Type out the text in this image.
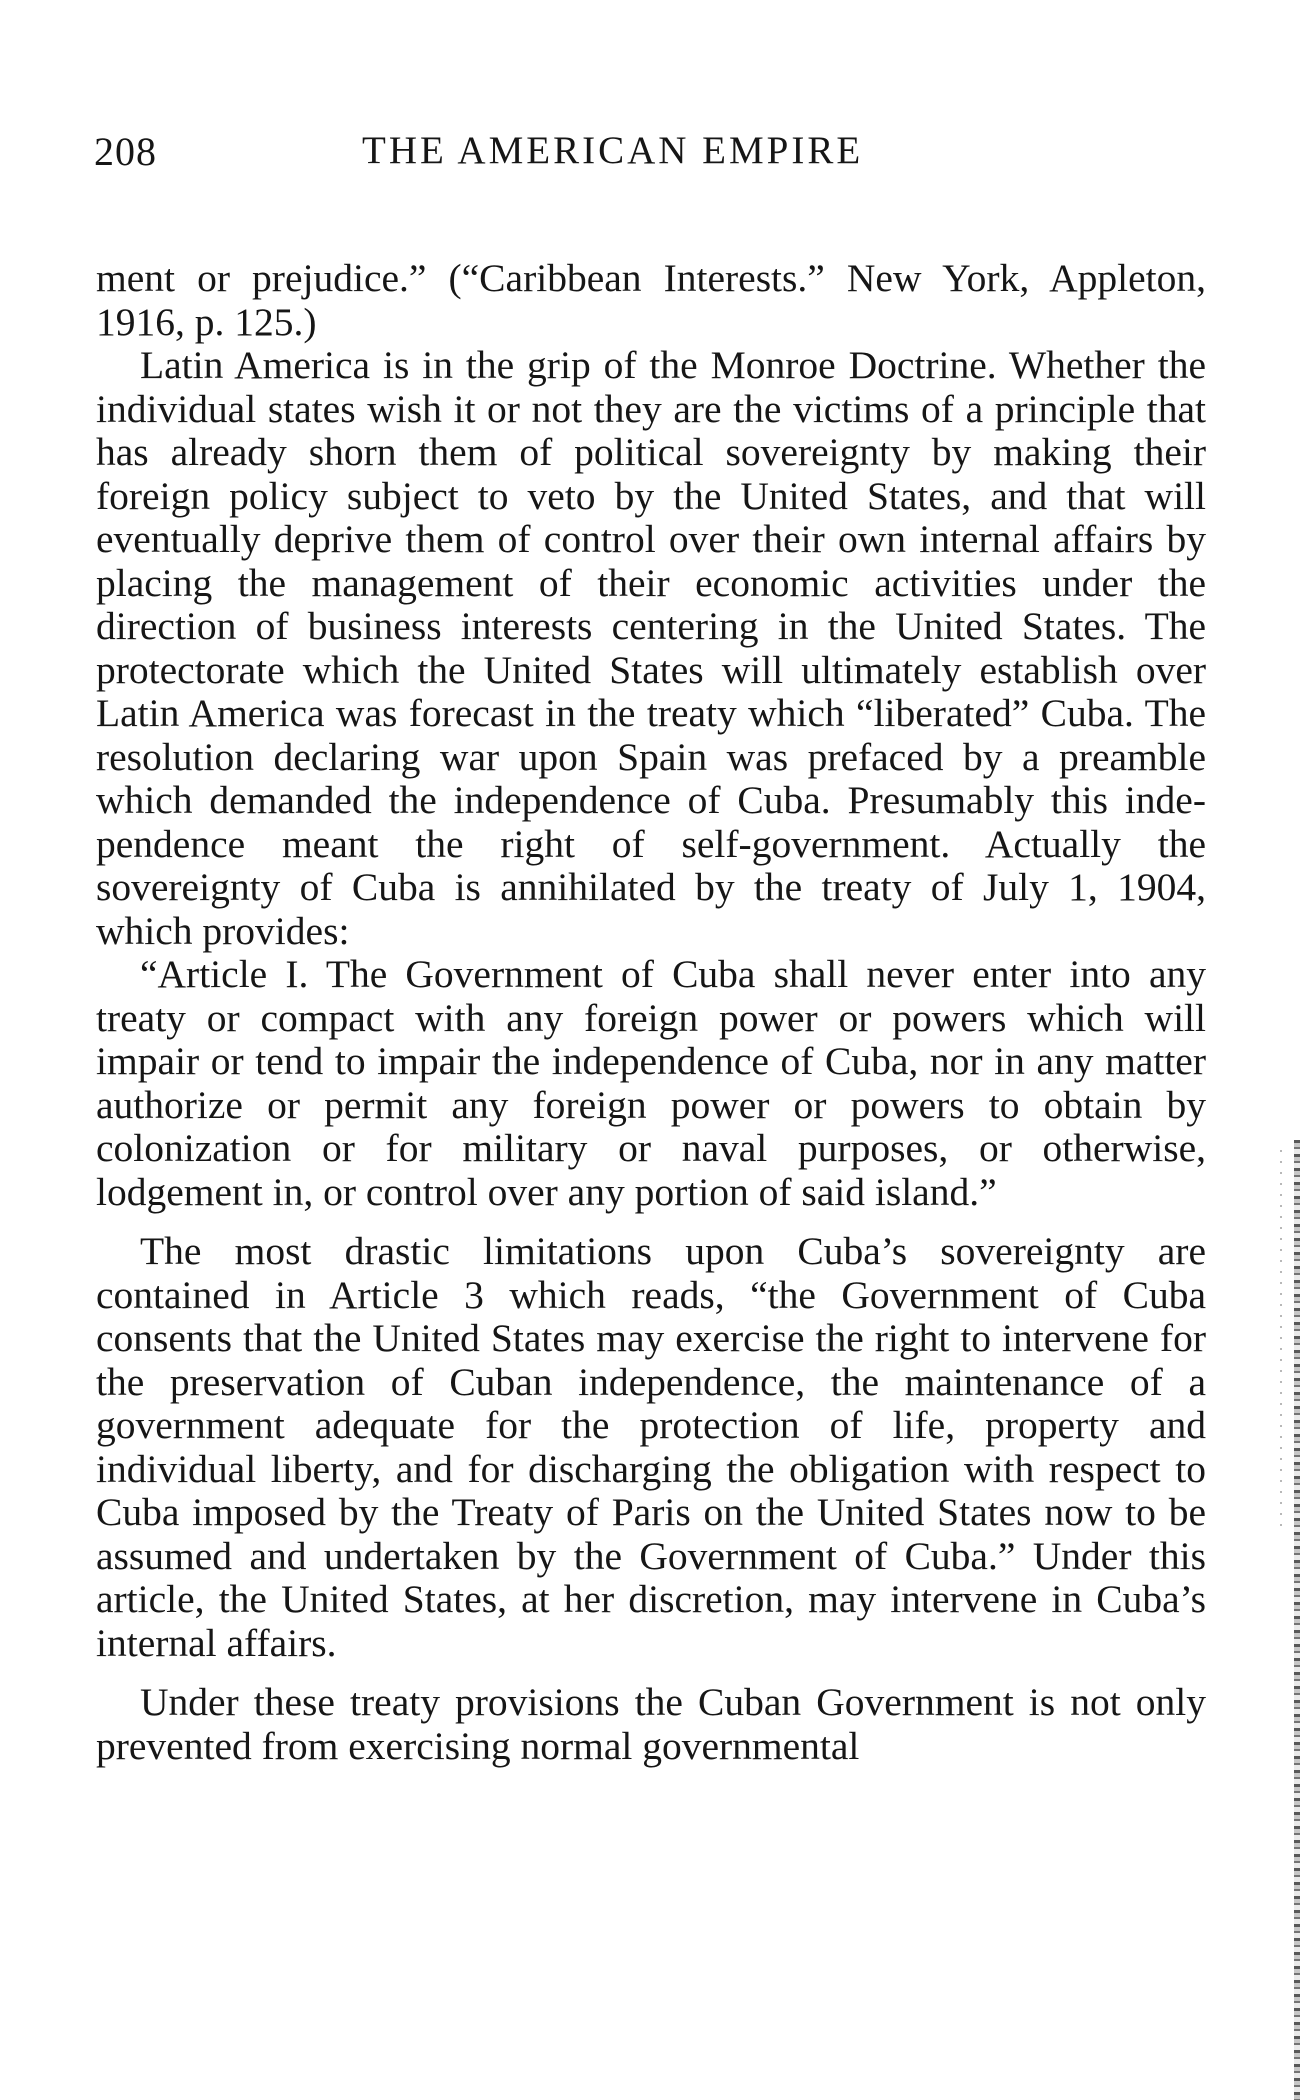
208	THE AMERICAN EMPIRE

ment or prejudice.” (“Caribbean Interests.” New York, Appleton, 1916, p. 125.)

Latin America is in the grip of the Monroe Doctrine. Whether the individual states wish it or not they are the victims of a principle that has already shorn them of political sovereignty by making their foreign policy subject to veto by the United States, and that will eventually deprive them of control over their own internal affairs by placing the management of their economic activities under the direction of business interests centering in the United States. The protectorate which the United States will ultimately establish over Latin America was forecast in the treaty which “liberated” Cuba. The resolution declaring war upon Spain was prefaced by a preamble which demanded the independence of Cuba. Presumably this independence meant the right of self-government. Actually the sovereignty of Cuba is annihilated by the treaty of July 1, 1904, which provides:

“Article I. The Government of Cuba shall never enter into any treaty or compact with any foreign power or powers which will impair or tend to impair the independence of Cuba, nor in any matter authorize or permit any foreign power or powers to obtain by colonization or for military or naval purposes, or otherwise, lodgement in, or control over any portion of said island.”

The most drastic limitations upon Cuba’s sovereignty are contained in Article 3 which reads, “the Government of Cuba consents that the United States may exercise the right to intervene for the preservation of Cuban independence, the maintenance of a government adequate for the protection of life, property and individual liberty, and for discharging the obligation with respect to Cuba imposed by the Treaty of Paris on the United States now to be assumed and undertaken by the Government of Cuba.” Under this article, the United States, at her discretion, may intervene in Cuba’s internal affairs.

Under these treaty provisions the Cuban Government is not only prevented from exercising normal governmental
